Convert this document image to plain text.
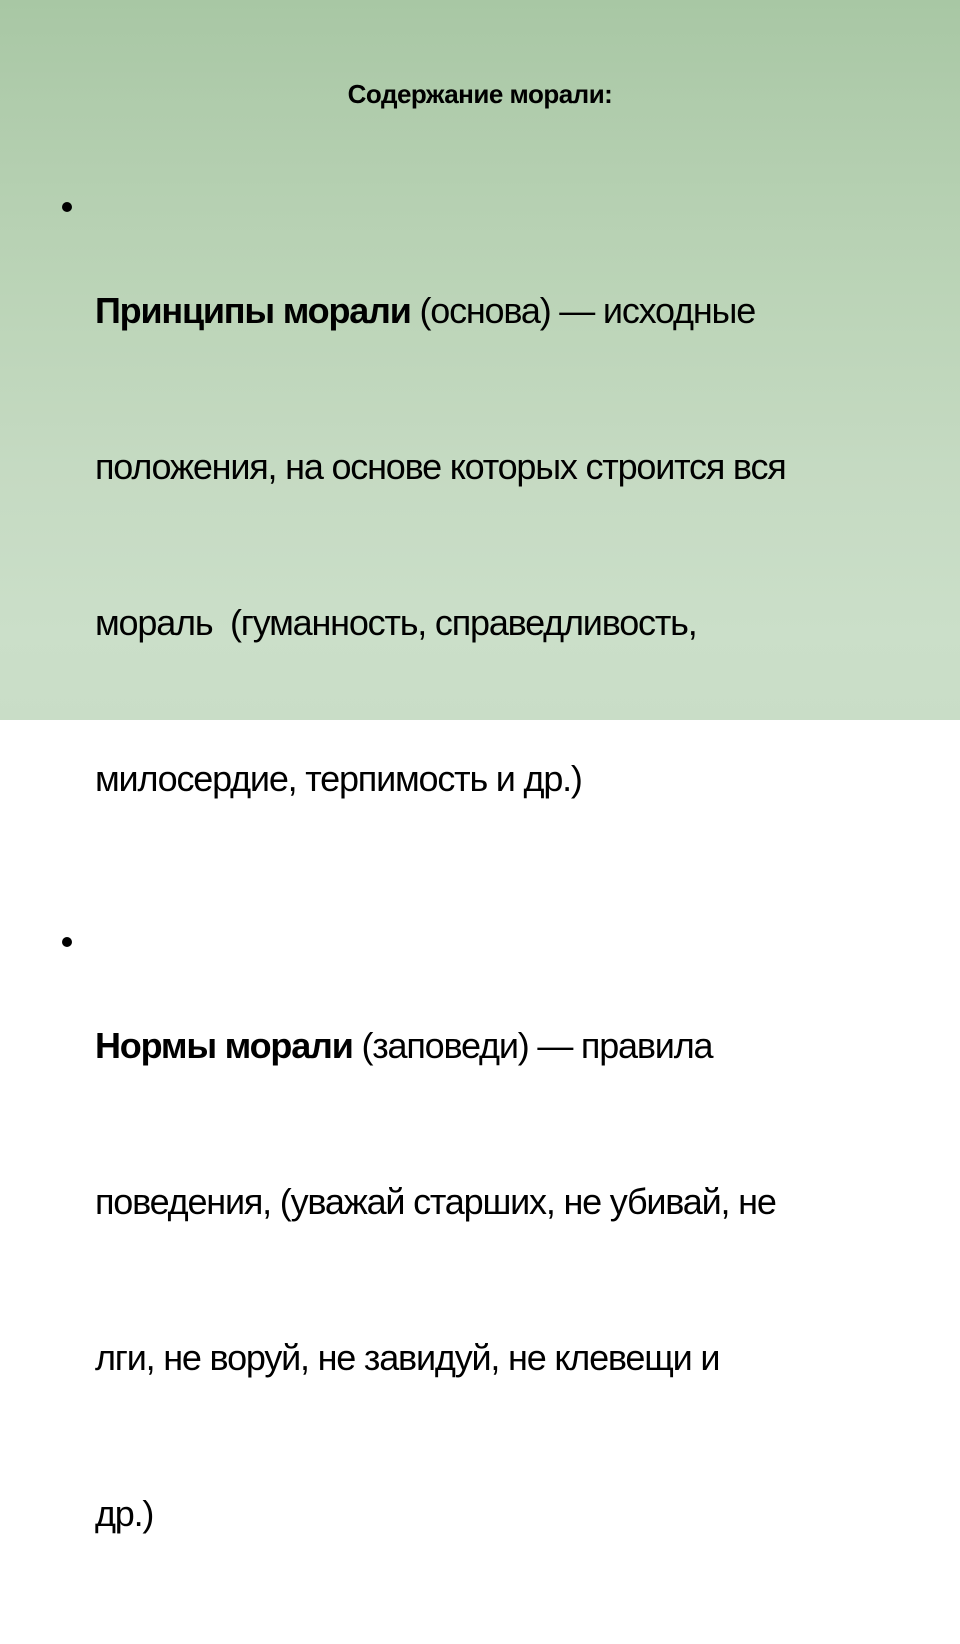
Содержание морали:

Принципы морали (основа) — исходные

положения, на основе которых строится вся

мораль  (гуманность, справедливость,

милосердие, терпимость и др.)

Нормы морали (заповеди) — правила

поведения, (уважай старших, не убивай, не

лги, не воруй, не завидуй, не клевещи и

др.)
